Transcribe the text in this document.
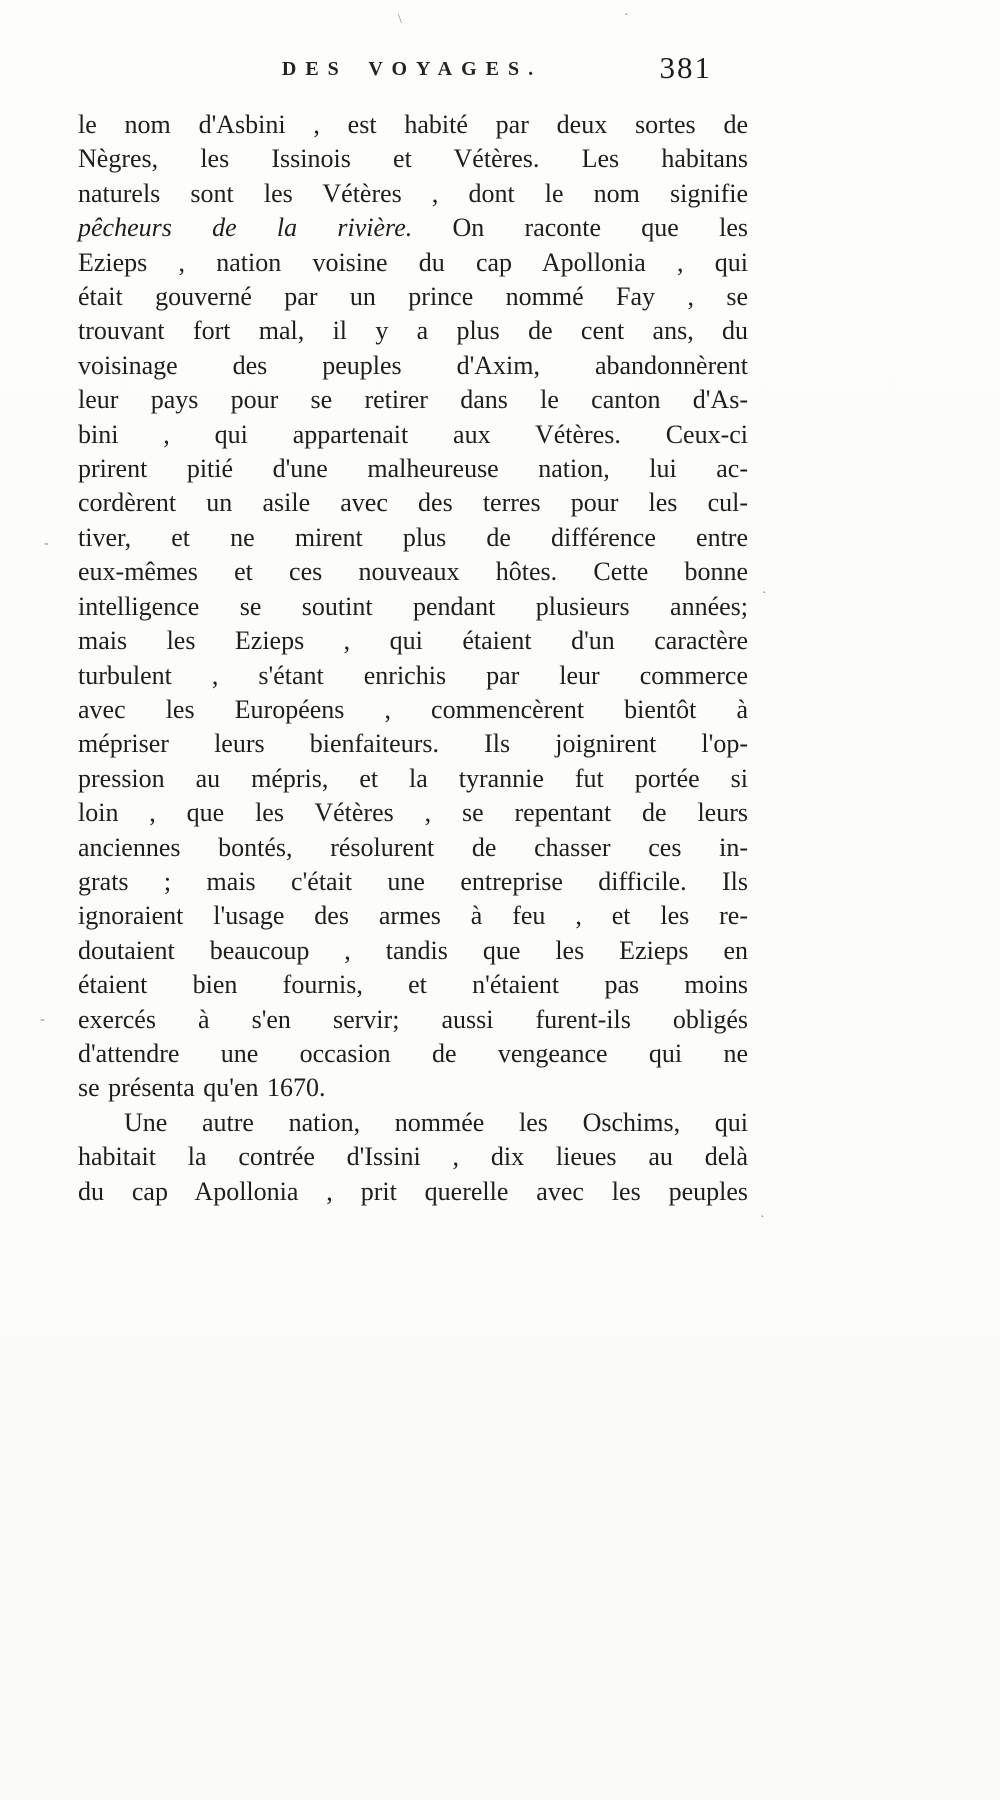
DES VOYAGES.	381
le nom d'Asbini , est habité par deux sortes de
Nègres, les Issinois et Vétères. Les habitans
naturels sont les Vétères , dont le nom signifie
pêcheurs de la rivière. On raconte que les
Ezieps , nation voisine du cap Apollonia , qui
était gouverné par un prince nommé Fay , se
trouvant fort mal, il y a plus de cent ans, du
voisinage des peuples d'Axim, abandonnèrent
leur pays pour se retirer dans le canton d'As-
bini , qui appartenait aux Vétères. Ceux-ci
prirent pitié d'une malheureuse nation, lui ac-
cordèrent un asile avec des terres pour les cul-
tiver, et ne mirent plus de différence entre
eux-mêmes et ces nouveaux hôtes. Cette bonne
intelligence se soutint pendant plusieurs années;
mais les Ezieps , qui étaient d'un caractère
turbulent , s'étant enrichis par leur commerce
avec les Européens , commencèrent bientôt à
mépriser leurs bienfaiteurs. Ils joignirent l'op-
pression au mépris, et la tyrannie fut portée si
loin , que les Vétères , se repentant de leurs
anciennes bontés, résolurent de chasser ces in-
grats ; mais c'était une entreprise difficile. Ils
ignoraient l'usage des armes à feu , et les re-
doutaient beaucoup , tandis que les Ezieps en
étaient bien fournis, et n'étaient pas moins
exercés à s'en servir; aussi furent-ils obligés
d'attendre une occasion de vengeance qui ne
se présenta qu'en 1670.
Une autre nation, nommée les Oschims, qui
habitait la contrée d'Issini , dix lieues au delà
du cap Apollonia , prit querelle avec les peuples
\	·
-
-
·
·
